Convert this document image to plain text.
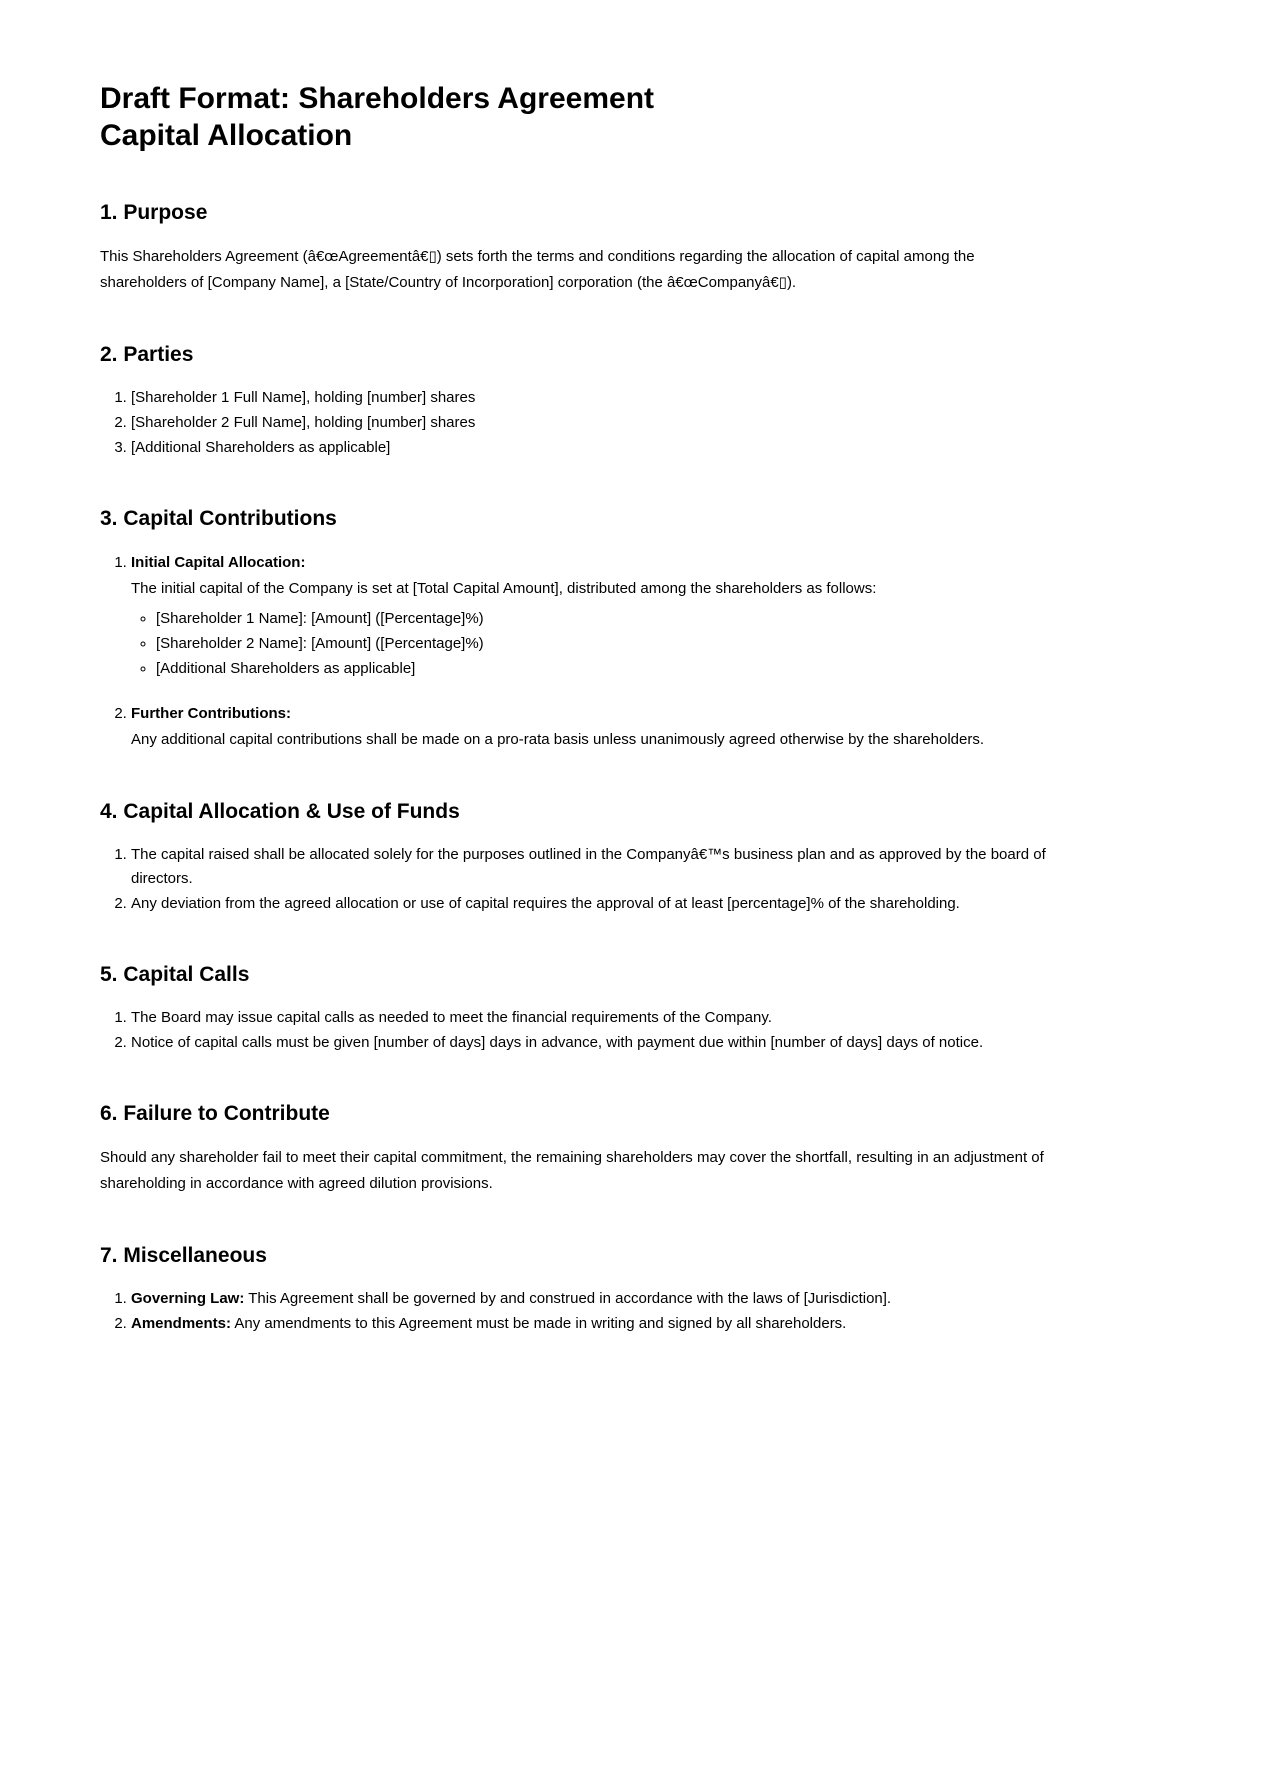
Draft Format: Shareholders Agreement
Capital Allocation
1. Purpose

This Shareholders Agreement (â€œAgreementâ€▯) sets forth the terms and conditions regarding the allocation of capital among the shareholders of [Company Name], a [State/Country of Incorporation] corporation (the â€œCompanyâ€▯).

2. Parties
1. [Shareholder 1 Full Name], holding [number] shares
2. [Shareholder 2 Full Name], holding [number] shares
3. [Additional Shareholders as applicable]
3. Capital Contributions
1. Initial Capital Allocation:
The initial capital of the Company is set at [Total Capital Amount], distributed among the shareholders as follows:
◦ [Shareholder 1 Name]: [Amount] ([Percentage]%)
◦ [Shareholder 2 Name]: [Amount] ([Percentage]%)
◦ [Additional Shareholders as applicable]
2. Further Contributions:
Any additional capital contributions shall be made on a pro-rata basis unless unanimously agreed otherwise by the shareholders.
4. Capital Allocation & Use of Funds
1. The capital raised shall be allocated solely for the purposes outlined in the Companyâ€™s business plan and as approved by the board of directors.
2. Any deviation from the agreed allocation or use of capital requires the approval of at least [percentage]% of the shareholding.
5. Capital Calls
1. The Board may issue capital calls as needed to meet the financial requirements of the Company.
2. Notice of capital calls must be given [number of days] days in advance, with payment due within [number of days] days of notice.
6. Failure to Contribute

Should any shareholder fail to meet their capital commitment, the remaining shareholders may cover the shortfall, resulting in an adjustment of shareholding in accordance with agreed dilution provisions.

7. Miscellaneous
1. Governing Law: This Agreement shall be governed by and construed in accordance with the laws of [Jurisdiction].
2. Amendments: Any amendments to this Agreement must be made in writing and signed by all shareholders.
